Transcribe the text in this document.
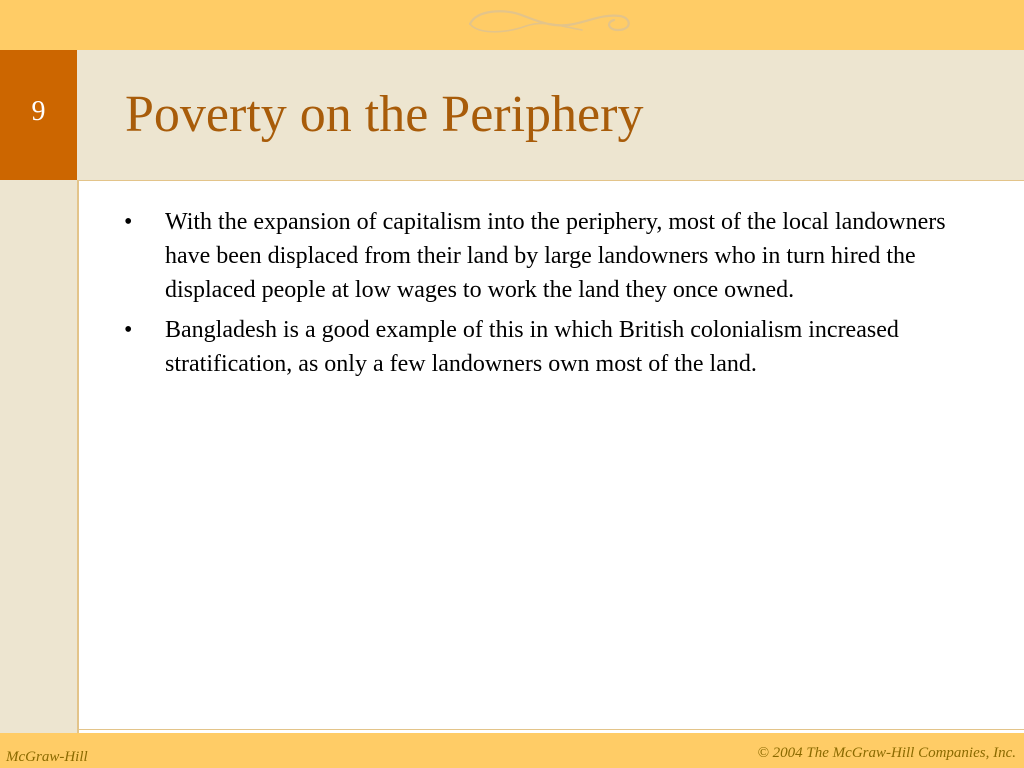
9 Poverty on the Periphery
• With the expansion of capitalism into the periphery, most of the local landowners have been displaced from their land by large landowners who in turn hired the displaced people at low wages to work the land they once owned.
• Bangladesh is a good example of this in which British colonialism increased stratification, as only a few landowners own most of the land.
McGraw-Hill	© 2004 The McGraw-Hill Companies, Inc.
